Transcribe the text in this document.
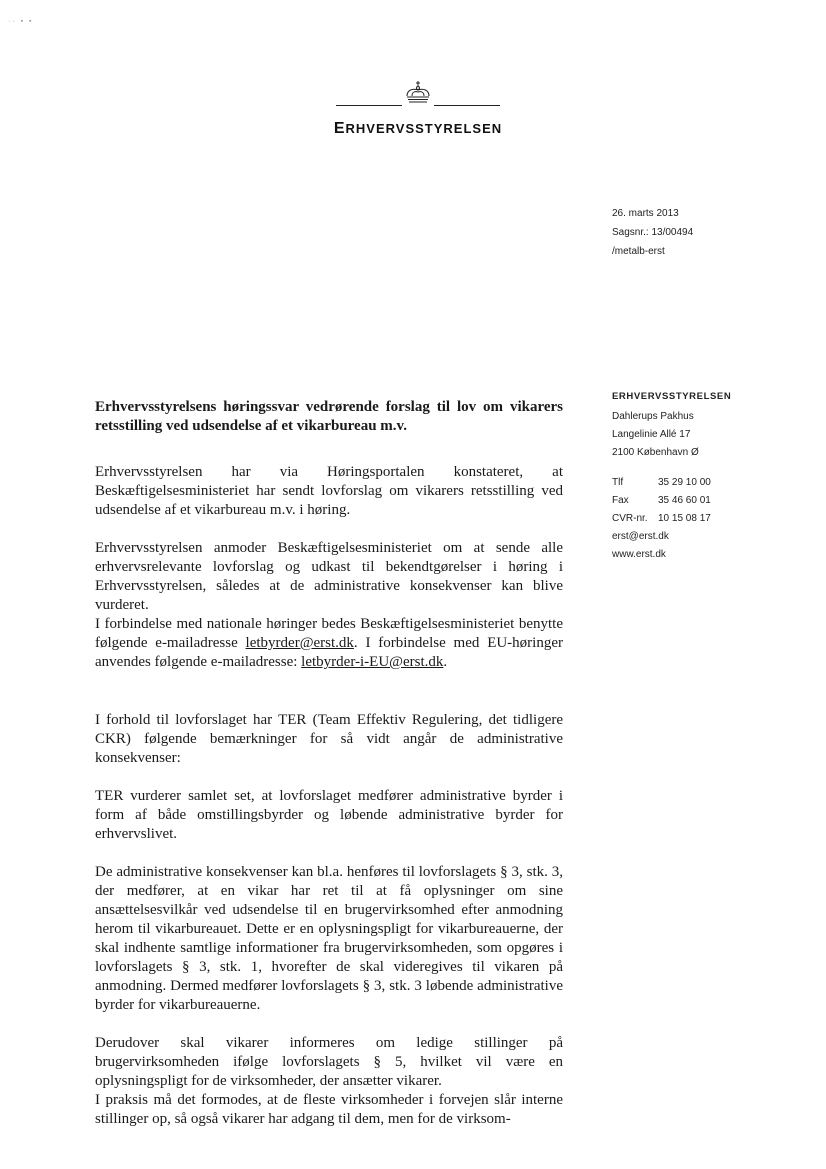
·· ▪ ▪
ERHVERVSSTYRELSEN
26. marts 2013
Sagsnr.: 13/00494
/metalb-erst
ERHVERVSSTYRELSEN
Dahlerups Pakhus
Langelinie Allé 17
2100 København Ø
Tlf	35 29 10 00
Fax	35 46 60 01
CVR-nr. 10 15 08 17
erst@erst.dk
www.erst.dk

Erhvervsstyrelsens høringssvar vedrørende forslag til lov om vikarers retsstilling ved udsendelse af et vikarbureau m.v.

Erhvervsstyrelsen har via Høringsportalen konstateret, at Beskæftigelsesministeriet har sendt lovforslag om vikarers retsstilling ved udsendelse af et vikarbureau m.v. i høring.

Erhvervsstyrelsen anmoder Beskæftigelsesministeriet om at sende alle erhvervsrelevante lovforslag og udkast til bekendtgørelser i høring i Erhvervsstyrelsen, således at de administrative konsekvenser kan blive vurderet.

I forbindelse med nationale høringer bedes Beskæftigelsesministeriet benytte følgende e-mailadresse letbyrder@erst.dk. I forbindelse med EU-høringer anvendes følgende e-mailadresse: letbyrder-i-EU@erst.dk.

I forhold til lovforslaget har TER (Team Effektiv Regulering, det tidligere CKR) følgende bemærkninger for så vidt angår de administrative konsekvenser:

TER vurderer samlet set, at lovforslaget medfører administrative byrder i form af både omstillingsbyrder og løbende administrative byrder for erhvervslivet.

De administrative konsekvenser kan bl.a. henføres til lovforslagets § 3, stk. 3, der medfører, at en vikar har ret til at få oplysninger om sine ansættelsesvilkår ved udsendelse til en brugervirksomhed efter anmodning herom til vikarbureauet. Dette er en oplysningspligt for vikarbureauerne, der skal indhente samtlige informationer fra brugervirksomheden, som opgøres i lovforslagets § 3, stk. 1, hvorefter de skal videregives til vikaren på anmodning. Dermed medfører lovforslagets § 3, stk. 3 løbende administrative byrder for vikarbureauerne.

Derudover skal vikarer informeres om ledige stillinger på brugervirksomheden ifølge lovforslagets § 5, hvilket vil være en oplysningspligt for de virksomheder, der ansætter vikarer.

I praksis må det formodes, at de fleste virksomheder i forvejen slår interne stillinger op, så også vikarer har adgang til dem, men for de virksom-
